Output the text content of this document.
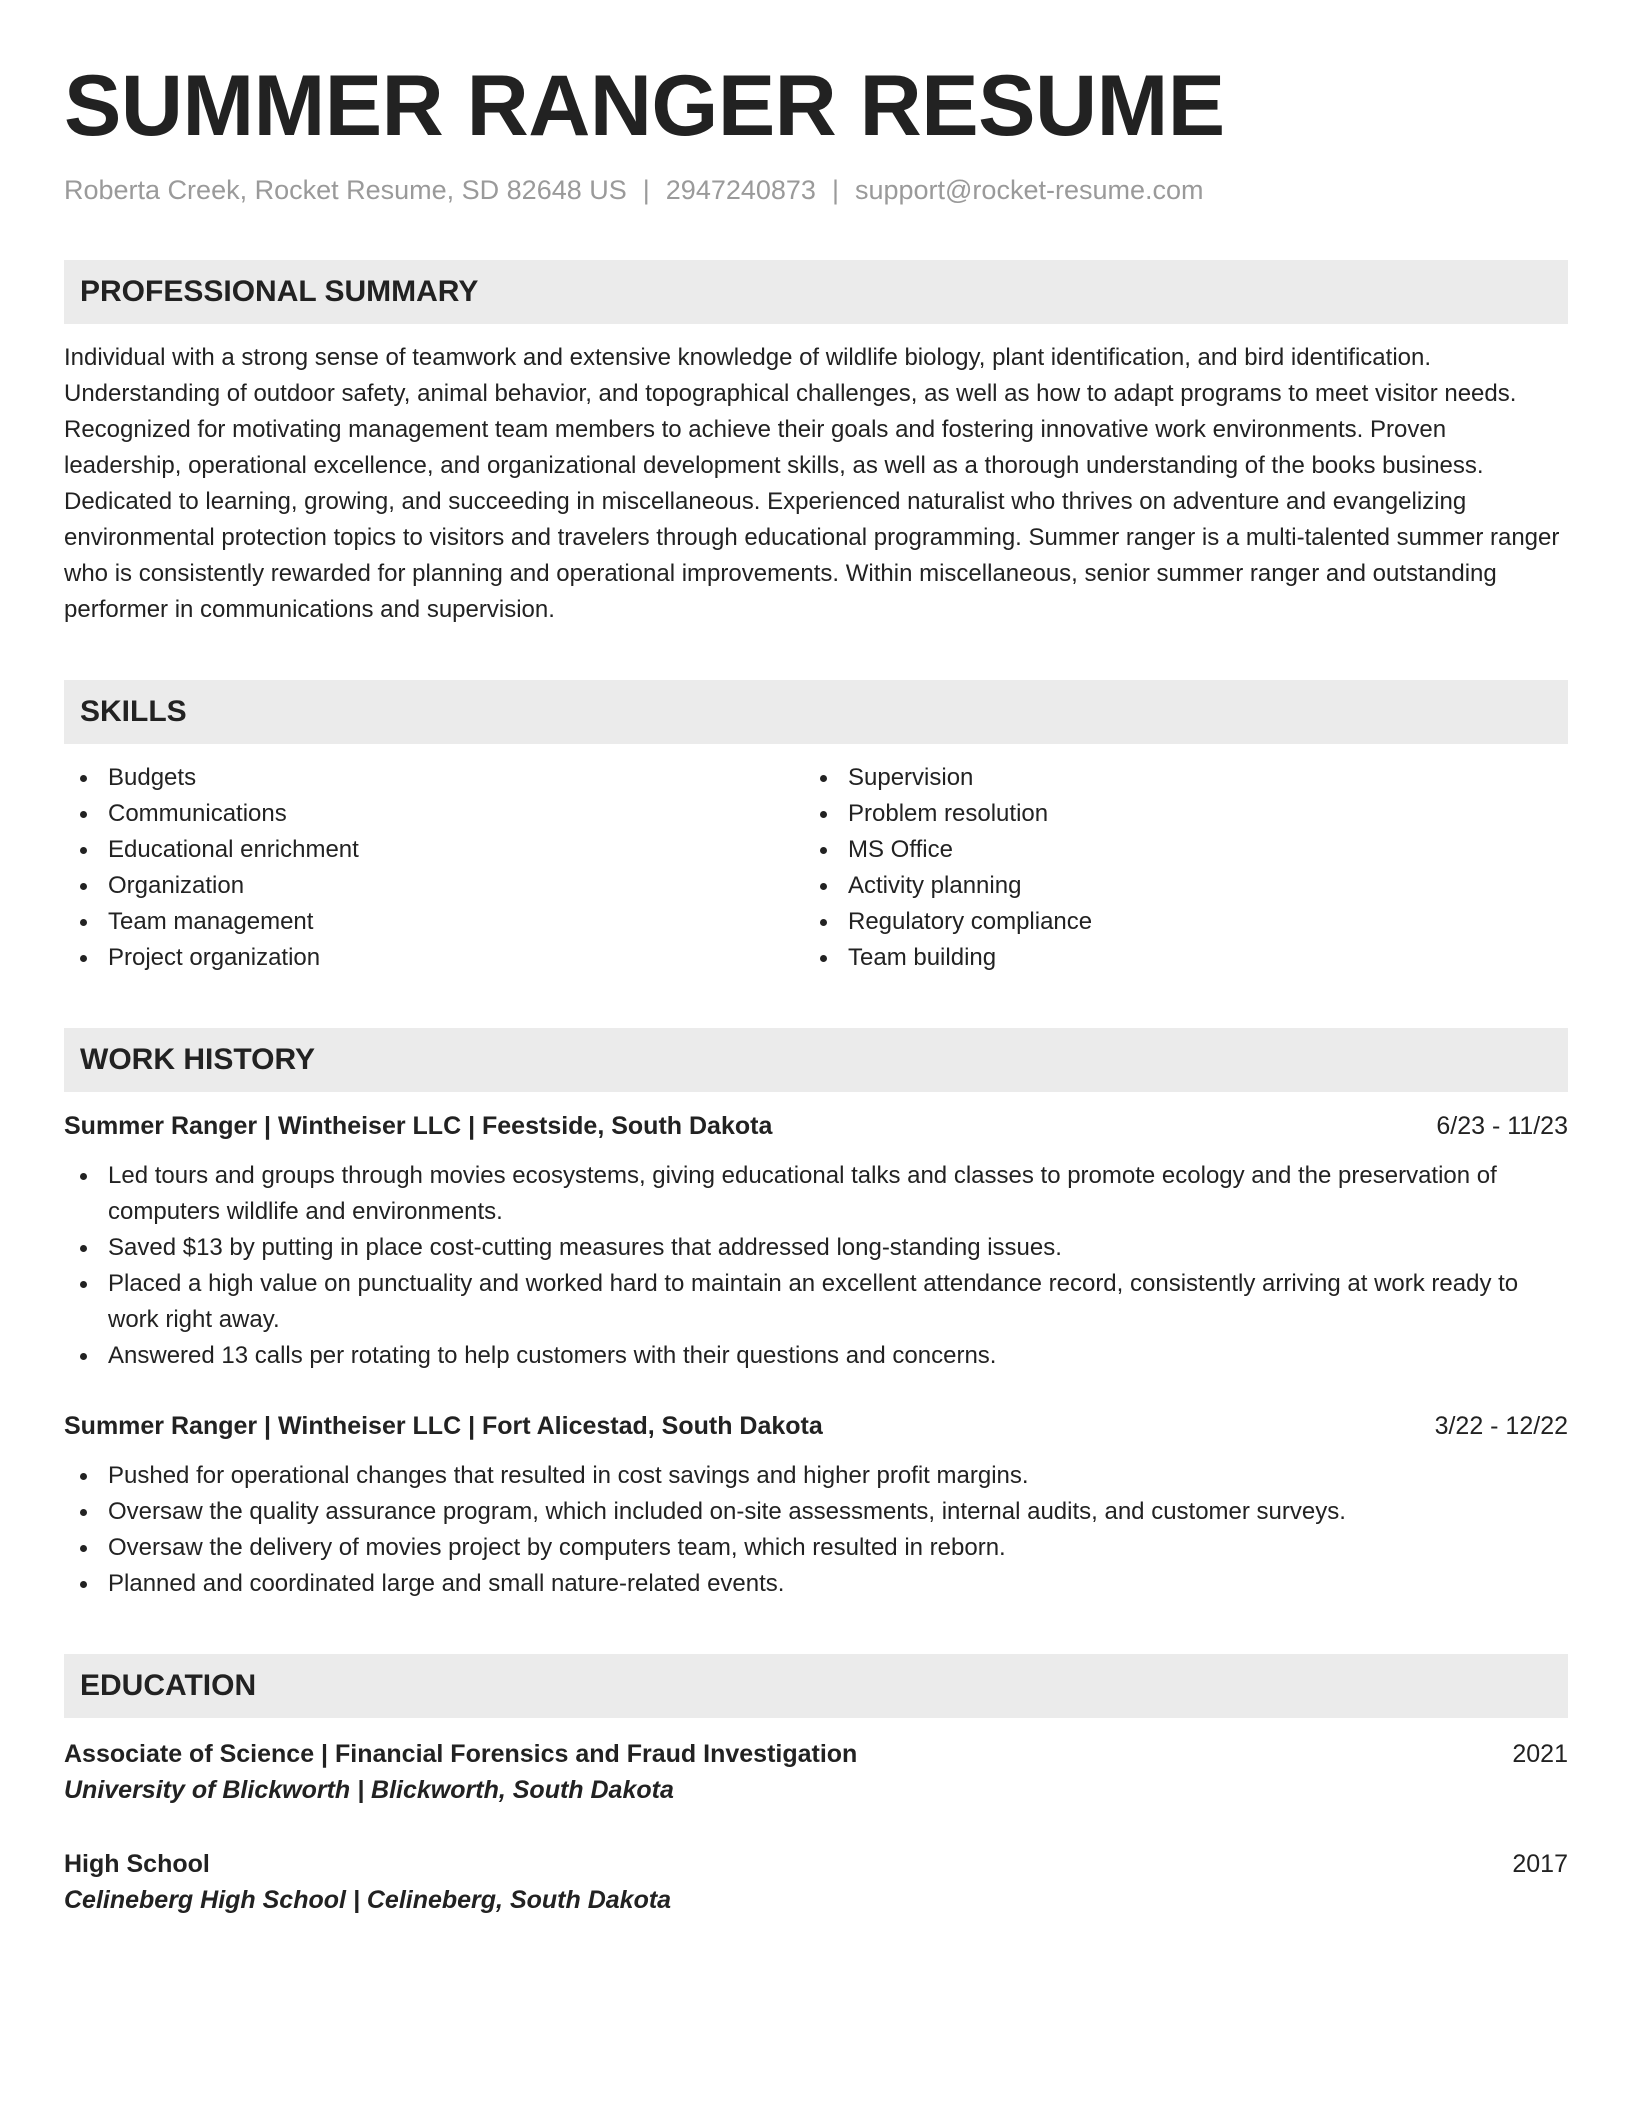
SUMMER RANGER RESUME
Roberta Creek, Rocket Resume, SD 82648 US | 2947240873 | support@rocket-resume.com
PROFESSIONAL SUMMARY
Individual with a strong sense of teamwork and extensive knowledge of wildlife biology, plant identification, and bird identification. Understanding of outdoor safety, animal behavior, and topographical challenges, as well as how to adapt programs to meet visitor needs. Recognized for motivating management team members to achieve their goals and fostering innovative work environments. Proven leadership, operational excellence, and organizational development skills, as well as a thorough understanding of the books business. Dedicated to learning, growing, and succeeding in miscellaneous. Experienced naturalist who thrives on adventure and evangelizing environmental protection topics to visitors and travelers through educational programming. Summer ranger is a multi-talented summer ranger who is consistently rewarded for planning and operational improvements. Within miscellaneous, senior summer ranger and outstanding performer in communications and supervision.
SKILLS
Budgets
Communications
Educational enrichment
Organization
Team management
Project organization
Supervision
Problem resolution
MS Office
Activity planning
Regulatory compliance
Team building
WORK HISTORY
Summer Ranger | Wintheiser LLC | Feestside, South Dakota	6/23 - 11/23
Led tours and groups through movies ecosystems, giving educational talks and classes to promote ecology and the preservation of computers wildlife and environments.
Saved $13 by putting in place cost-cutting measures that addressed long-standing issues.
Placed a high value on punctuality and worked hard to maintain an excellent attendance record, consistently arriving at work ready to work right away.
Answered 13 calls per rotating to help customers with their questions and concerns.
Summer Ranger | Wintheiser LLC | Fort Alicestad, South Dakota	3/22 - 12/22
Pushed for operational changes that resulted in cost savings and higher profit margins.
Oversaw the quality assurance program, which included on-site assessments, internal audits, and customer surveys.
Oversaw the delivery of movies project by computers team, which resulted in reborn.
Planned and coordinated large and small nature-related events.
EDUCATION
Associate of Science | Financial Forensics and Fraud Investigation	2021
University of Blickworth | Blickworth, South Dakota
High School	2017
Celineberg High School | Celineberg, South Dakota
